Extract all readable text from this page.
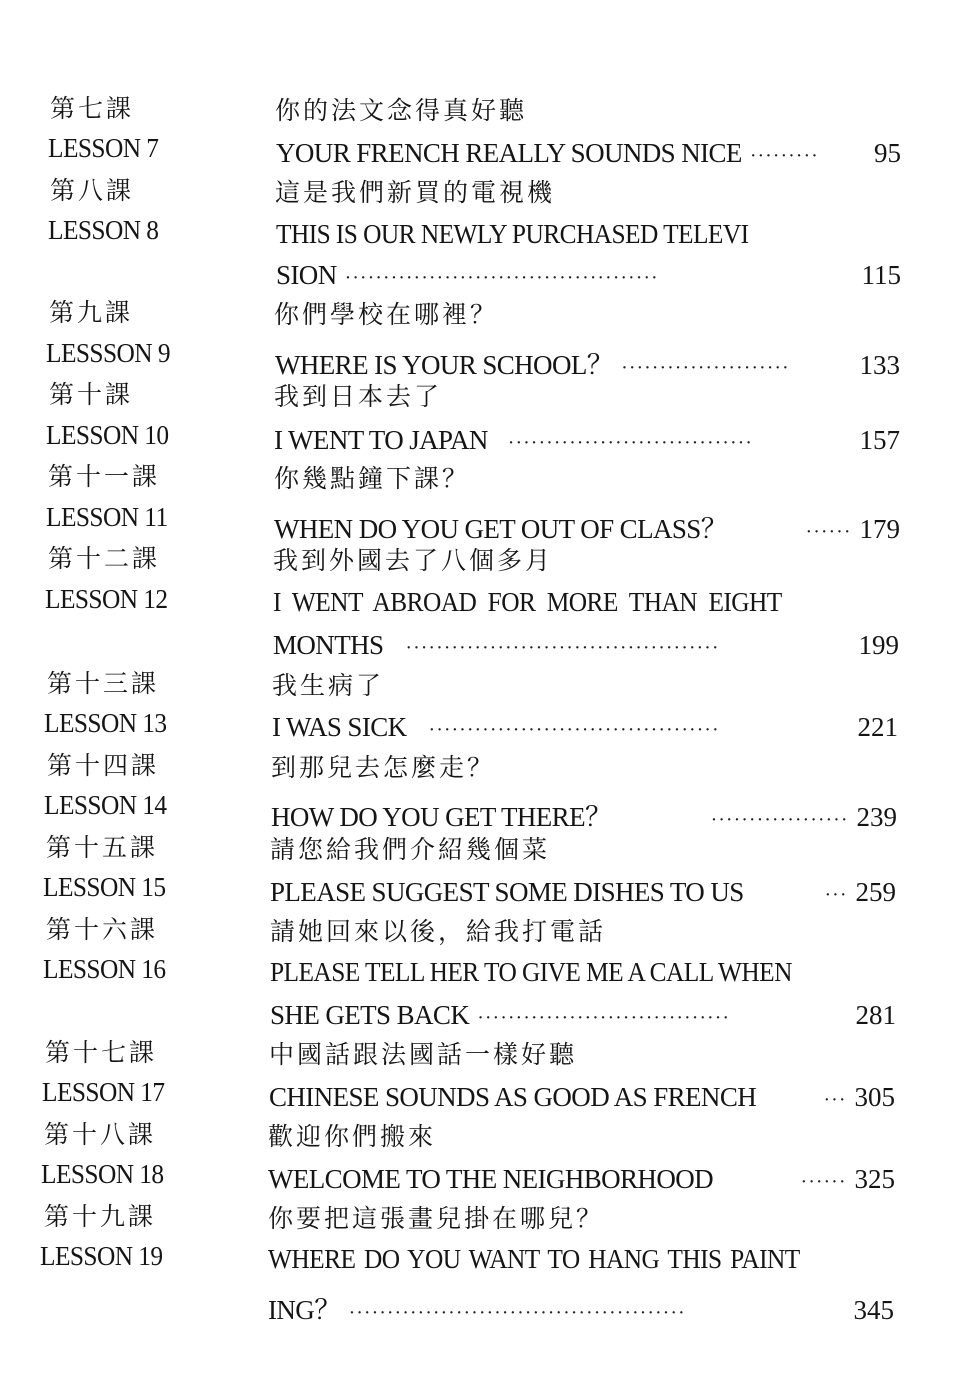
第七課	你的法文念得真好聽
LESSON 7	YOUR FRENCH REALLY SOUNDS NICE ·········	95
第八課	這是我們新買的電視機
LESSON 8	THIS IS OUR NEWLY PURCHASED TELEVI
SION ·········································	115
第九課	你們學校在哪裡？
LESSSON 9	WHERE IS YOUR SCHOOL？ ······················	133
第十課	我到日本去了
LESSON 10	I WENT TO JAPAN ································	157
第十一課	你幾點鐘下課？
LESSON 11	WHEN DO YOU GET OUT OF CLASS？	······ 179
第十二課	我到外國去了八個多月
LESSON 12	I WENT ABROAD FOR MORE THAN EIGHT
MONTHS ·········································	199
第十三課	我生病了
LESSON 13	I WAS SICK ······································	221
第十四課	到那兒去怎麼走？
LESSON 14	HOW DO YOU GET THERE？	·················· 239
第十五課	請您給我們介紹幾個菜
LESSON 15	PLEASE SUGGEST SOME DISHES TO US	··· 259
第十六課	請她回來以後，給我打電話
LESSON 16	PLEASE TELL HER TO GIVE ME A CALL WHEN
SHE GETS BACK ·································	281
第十七課	中國話跟法國話一樣好聽
LESSON 17	CHINESE SOUNDS AS GOOD AS FRENCH	··· 305
第十八課	歡迎你們搬來
LESSON 18	WELCOME TO THE NEIGHBORHOOD	······ 325
第十九課	你要把這張畫兒掛在哪兒？
LESSON 19	WHERE DO YOU WANT TO HANG THIS PAINT
ING？ ············································	345
